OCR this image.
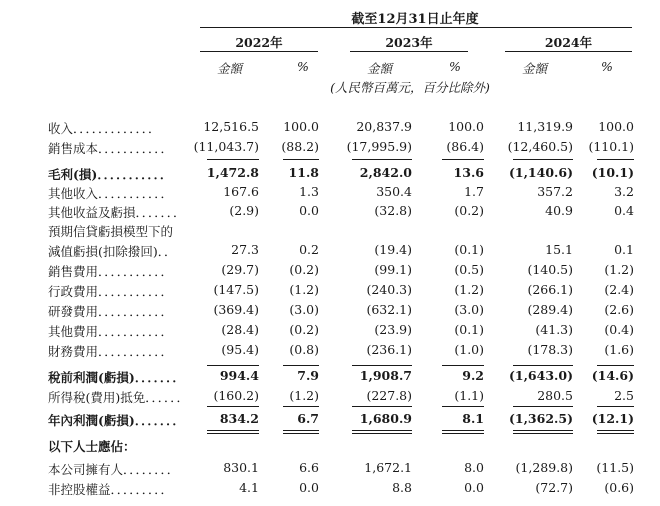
截至12月31日止年度
2022年	2023年	2024年
金額	%	金額	%	金額	%
(人民幣百萬元，百分比除外)
收入．．．．．．．．．．．．．	12,516.5	100.0	20,837.9	100.0	11,319.9	100.0
銷售成本．．．．．．．．．．．	(11,043.7)	(88.2)	(17,995.9)	(86.4)	(12,460.5)	(110.1)
毛利(損)．．．．．．．．．．．	1,472.8	11.8	2,842.0	13.6	(1,140.6)	(10.1)
其他收入．．．．．．．．．．．	167.6	1.3	350.4	1.7	357.2	3.2
其他收益及虧損．．．．．．．	(2.9)	0.0	(32.8)	(0.2)	40.9	0.4
預期信貸虧損模型下的
減值虧損(扣除撥回)．．	27.3	0.2	(19.4)	(0.1)	15.1	0.1
銷售費用．．．．．．．．．．．	(29.7)	(0.2)	(99.1)	(0.5)	(140.5)	(1.2)
行政費用．．．．．．．．．．．	(147.5)	(1.2)	(240.3)	(1.2)	(266.1)	(2.4)
研發費用．．．．．．．．．．．	(369.4)	(3.0)	(632.1)	(3.0)	(289.4)	(2.6)
其他費用．．．．．．．．．．．	(28.4)	(0.2)	(23.9)	(0.1)	(41.3)	(0.4)
財務費用．．．．．．．．．．．	(95.4)	(0.8)	(236.1)	(1.0)	(178.3)	(1.6)
稅前利潤(虧損)．．．．．．．	994.4	7.9	1,908.7	9.2	(1,643.0)	(14.6)
所得稅(費用)抵免．．．．．．	(160.2)	(1.2)	(227.8)	(1.1)	280.5	2.5
年內利潤(虧損)．．．．．．．	834.2	6.7	1,680.9	8.1	(1,362.5)	(12.1)
以下人士應佔：
本公司擁有人．．．．．．．．	830.1	6.6	1,672.1	8.0	(1,289.8)	(11.5)
非控股權益．．．．．．．．．	4.1	0.0	8.8	0.0	(72.7)	(0.6)
